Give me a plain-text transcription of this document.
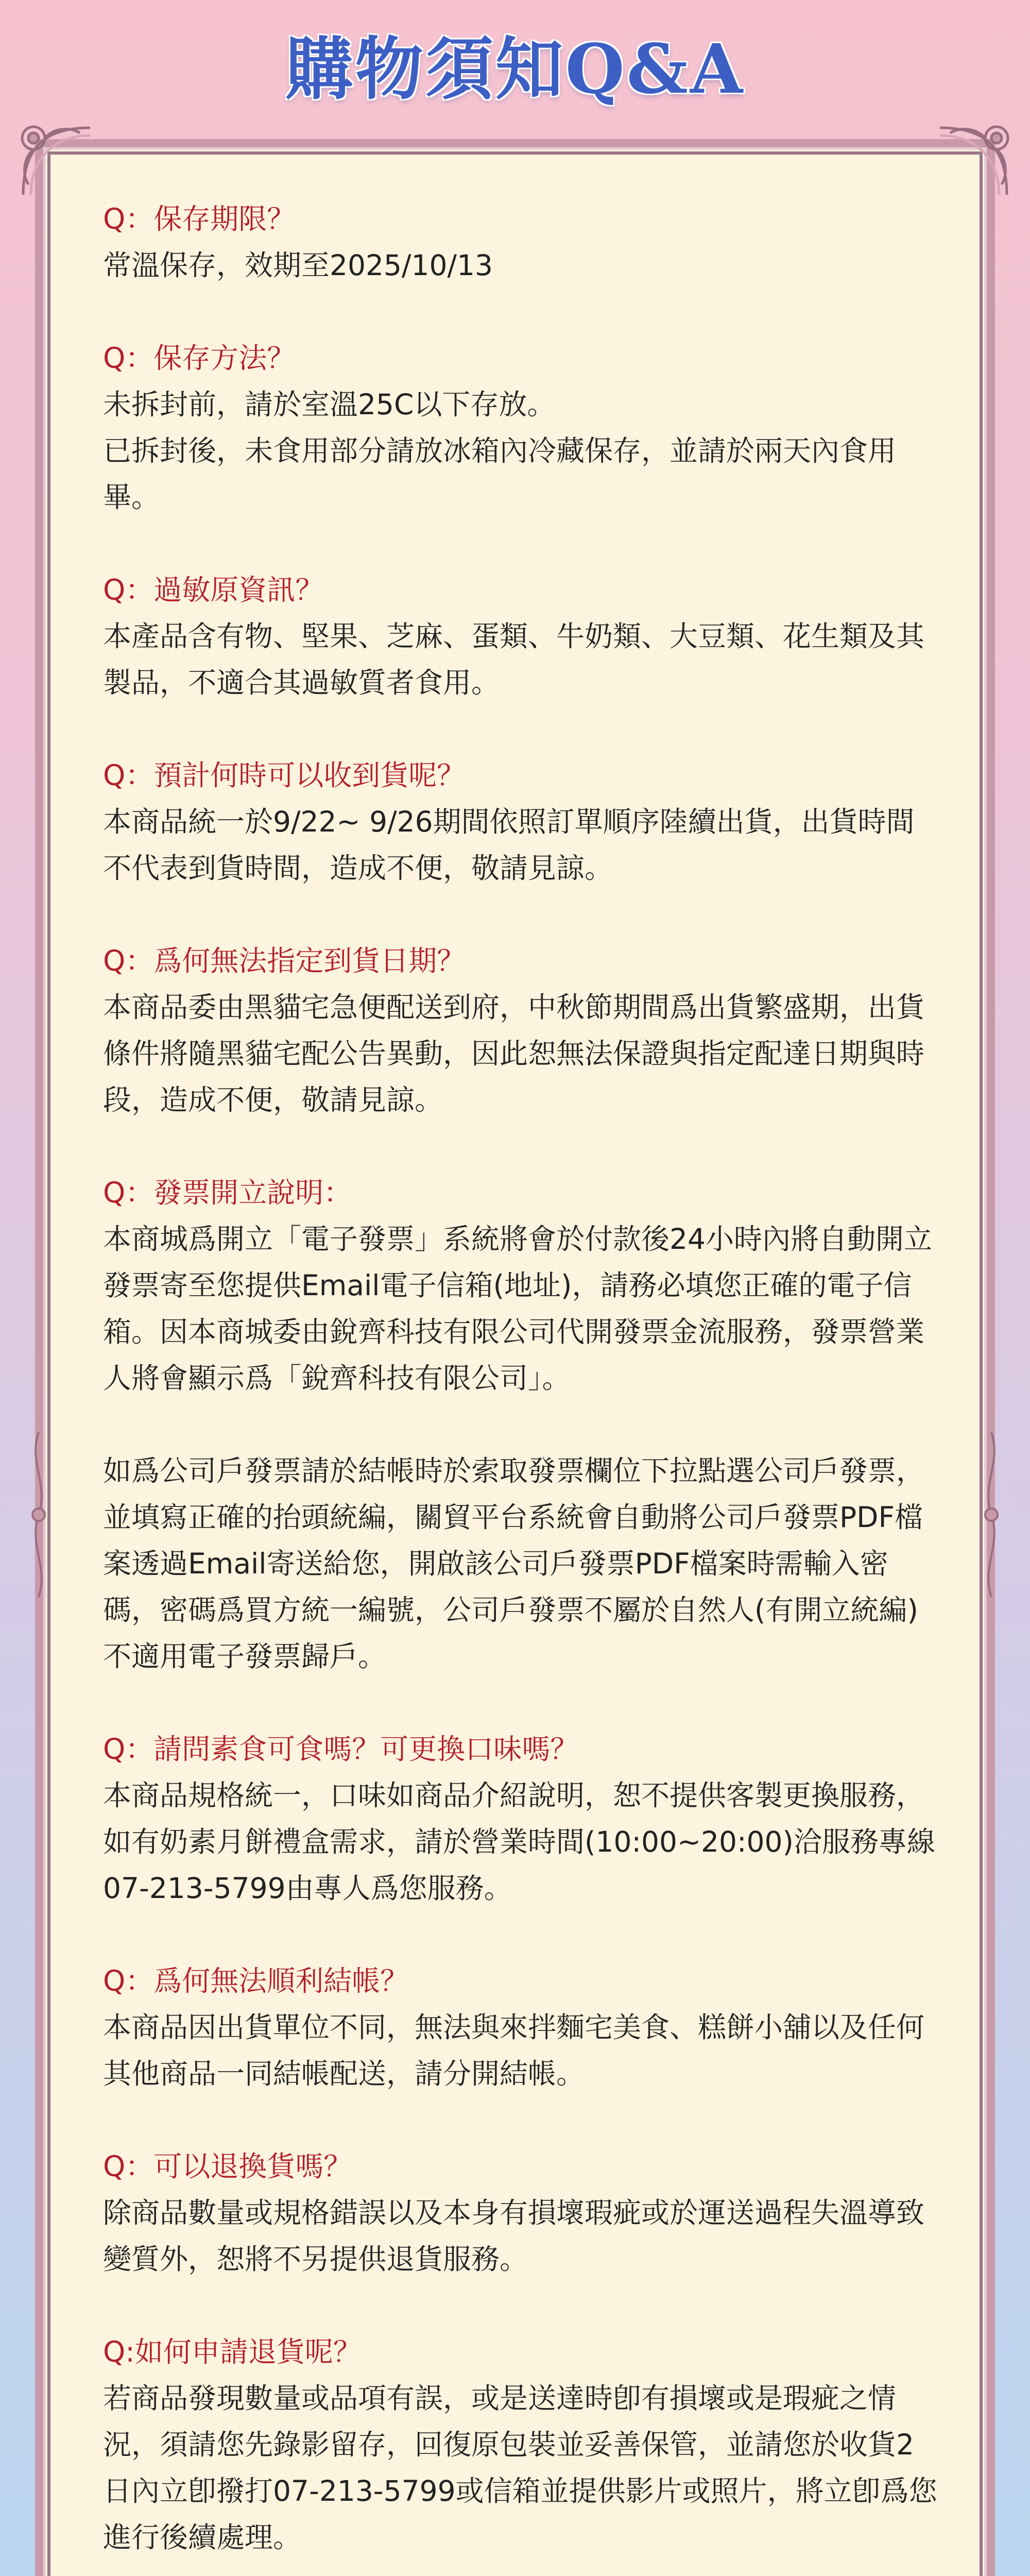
購物須知Q&A
Q：保存期限？
常溫保存，效期至2025/10/13
Q：保存方法？
未拆封前，請於室溫25C以下存放。
已拆封後，未食用部分請放冰箱內冷藏保存，並請於兩天內食用畢。
Q：過敏原資訊？
本產品含有物、堅果、芝麻、蛋類、牛奶類、大豆類、花生類及其製品，不適合其過敏質者食用。
Q：預計何時可以收到貨呢？
本商品統一於9/22~ 9/26期間依照訂單順序陸續出貨，出貨時間不代表到貨時間，造成不便，敬請見諒。
Q：爲何無法指定到貨日期？
本商品委由黑貓宅急便配送到府，中秋節期間爲出貨繁盛期，出貨條件將隨黑貓宅配公告異動，因此恕無法保證與指定配達日期與時段，造成不便，敬請見諒。
Q：發票開立說明：
本商城爲開立「電子發票」系統將會於付款後24小時內將自動開立發票寄至您提供Email電子信箱(地址)，請務必填您正確的電子信箱。因本商城委由銳齊科技有限公司代開發票金流服務，發票營業人將會顯示爲「銳齊科技有限公司」。
如爲公司戶發票請於結帳時於索取發票欄位下拉點選公司戶發票，並填寫正確的抬頭統編，關貿平台系統會自動將公司戶發票PDF檔案透過Email寄送給您，開啟該公司戶發票PDF檔案時需輸入密碼，密碼爲買方統一編號，公司戶發票不屬於自然人(有開立統編)不適用電子發票歸戶。
Q：請問素食可食嗎？可更換口味嗎？
本商品規格統一，口味如商品介紹說明，恕不提供客製更換服務，如有奶素月餅禮盒需求，請於營業時間(10:00~20:00)洽服務專線07-213-5799由專人爲您服務。
Q：爲何無法順利結帳？
本商品因出貨單位不同，無法與來拌麵宅美食、糕餅小舖以及任何其他商品一同結帳配送，請分開結帳。
Q：可以退換貨嗎？
除商品數量或規格錯誤以及本身有損壞瑕疵或於運送過程失溫導致變質外，恕將不另提供退貨服務。
Q:如何申請退貨呢？
若商品發現數量或品項有誤，或是送達時卽有損壞或是瑕疵之情況，須請您先錄影留存，回復原包裝並妥善保管，並請您於收貨2日內立卽撥打07-213-5799或信箱並提供影片或照片，將立卽爲您進行後續處理。
